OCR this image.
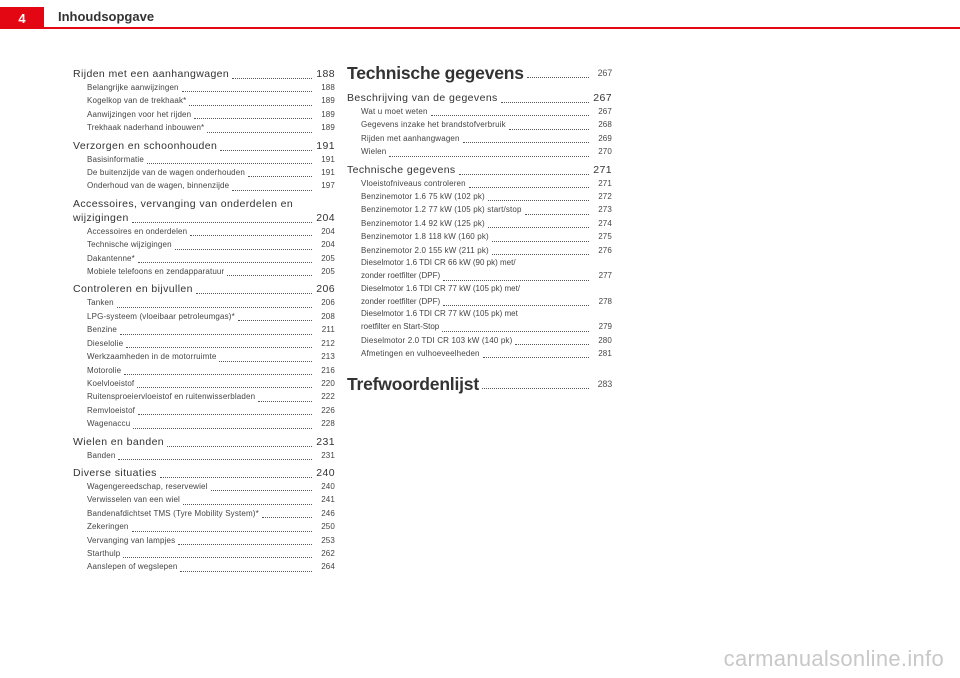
4	Inhoudsopgave
Rijden met een aanhangwagen	188
Belangrijke aanwijzingen	188
Kogelkop van de trekhaak*	189
Aanwijzingen voor het rijden	189
Trekhaak naderhand inbouwen*	189
Verzorgen en schoonhouden	191
Basisinformatie	191
De buitenzijde van de wagen onderhouden	191
Onderhoud van de wagen, binnenzijde	197
Accessoires, vervanging van onderdelen en
wijzigingen	204
Accessoires en onderdelen	204
Technische wijzigingen	204
Dakantenne*	205
Mobiele telefoons en zendapparatuur	205
Controleren en bijvullen	206
Tanken	206
LPG-systeem (vloeibaar petroleumgas)*	208
Benzine	211
Dieselolie	212
Werkzaamheden in de motorruimte	213
Motorolie	216
Koelvloeistof	220
Ruitensproeiervloeistof en ruitenwisserbladen	222
Remvloeistof	226
Wagenaccu	228
Wielen en banden	231
Banden	231
Diverse situaties	240
Wagengereedschap, reservewiel	240
Verwisselen van een wiel	241
Bandenafdichtset TMS (Tyre Mobility System)*	246
Zekeringen	250
Vervanging van lampjes	253
Starthulp	262
Aanslepen of wegslepen	264
Technische gegevens	267
Beschrijving van de gegevens	267
Wat u moet weten	267
Gegevens inzake het brandstofverbruik	268
Rijden met aanhangwagen	269
Wielen	270
Technische gegevens	271
Vloeistofniveaus controleren	271
Benzinemotor 1.6 75 kW (102 pk)	272
Benzinemotor 1.2 77 kW (105 pk) start/stop	273
Benzinemotor 1.4 92 kW (125 pk)	274
Benzinemotor 1.8 118 kW (160 pk)	275
Benzinemotor 2.0 155 kW (211 pk)	276
Dieselmotor 1.6 TDI CR 66 kW (90 pk) met/
zonder roetfilter (DPF)	277
Dieselmotor 1.6 TDI CR 77 kW (105 pk) met/
zonder roetfilter (DPF)	278
Dieselmotor 1.6 TDI CR 77 kW (105 pk) met
roetfilter en Start-Stop	279
Dieselmotor 2.0 TDI CR 103 kW (140 pk)	280
Afmetingen en vulhoeveelheden	281
Trefwoordenlijst	283
carmanualsonline.info
